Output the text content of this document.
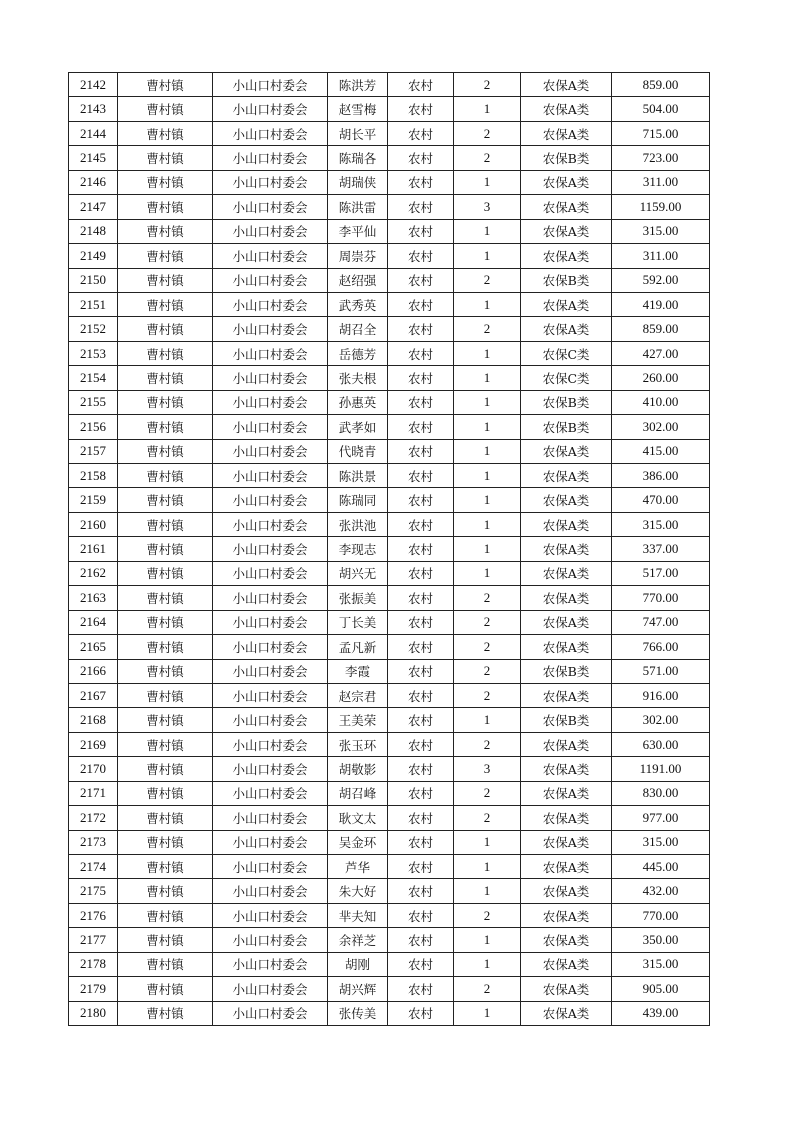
2142	曹村镇	小山口村委会	陈洪芳	农村	2	农保A类	859.00
2143	曹村镇	小山口村委会	赵雪梅	农村	1	农保A类	504.00
2144	曹村镇	小山口村委会	胡长平	农村	2	农保A类	715.00
2145	曹村镇	小山口村委会	陈瑞各	农村	2	农保B类	723.00
2146	曹村镇	小山口村委会	胡瑞侠	农村	1	农保A类	311.00
2147	曹村镇	小山口村委会	陈洪雷	农村	3	农保A类	1159.00
2148	曹村镇	小山口村委会	李平仙	农村	1	农保A类	315.00
2149	曹村镇	小山口村委会	周崇芬	农村	1	农保A类	311.00
2150	曹村镇	小山口村委会	赵绍强	农村	2	农保B类	592.00
2151	曹村镇	小山口村委会	武秀英	农村	1	农保A类	419.00
2152	曹村镇	小山口村委会	胡召全	农村	2	农保A类	859.00
2153	曹村镇	小山口村委会	岳德芳	农村	1	农保C类	427.00
2154	曹村镇	小山口村委会	张夫根	农村	1	农保C类	260.00
2155	曹村镇	小山口村委会	孙惠英	农村	1	农保B类	410.00
2156	曹村镇	小山口村委会	武孝如	农村	1	农保B类	302.00
2157	曹村镇	小山口村委会	代晓青	农村	1	农保A类	415.00
2158	曹村镇	小山口村委会	陈洪景	农村	1	农保A类	386.00
2159	曹村镇	小山口村委会	陈瑞同	农村	1	农保A类	470.00
2160	曹村镇	小山口村委会	张洪池	农村	1	农保A类	315.00
2161	曹村镇	小山口村委会	李现志	农村	1	农保A类	337.00
2162	曹村镇	小山口村委会	胡兴无	农村	1	农保A类	517.00
2163	曹村镇	小山口村委会	张振美	农村	2	农保A类	770.00
2164	曹村镇	小山口村委会	丁长美	农村	2	农保A类	747.00
2165	曹村镇	小山口村委会	孟凡新	农村	2	农保A类	766.00
2166	曹村镇	小山口村委会	李霞	农村	2	农保B类	571.00
2167	曹村镇	小山口村委会	赵宗君	农村	2	农保A类	916.00
2168	曹村镇	小山口村委会	王美荣	农村	1	农保B类	302.00
2169	曹村镇	小山口村委会	张玉环	农村	2	农保A类	630.00
2170	曹村镇	小山口村委会	胡敬影	农村	3	农保A类	1191.00
2171	曹村镇	小山口村委会	胡召峰	农村	2	农保A类	830.00
2172	曹村镇	小山口村委会	耿文太	农村	2	农保A类	977.00
2173	曹村镇	小山口村委会	吴金环	农村	1	农保A类	315.00
2174	曹村镇	小山口村委会	芦华	农村	1	农保A类	445.00
2175	曹村镇	小山口村委会	朱大好	农村	1	农保A类	432.00
2176	曹村镇	小山口村委会	芈夫知	农村	2	农保A类	770.00
2177	曹村镇	小山口村委会	余祥芝	农村	1	农保A类	350.00
2178	曹村镇	小山口村委会	胡刚	农村	1	农保A类	315.00
2179	曹村镇	小山口村委会	胡兴辉	农村	2	农保A类	905.00
2180	曹村镇	小山口村委会	张传美	农村	1	农保A类	439.00
